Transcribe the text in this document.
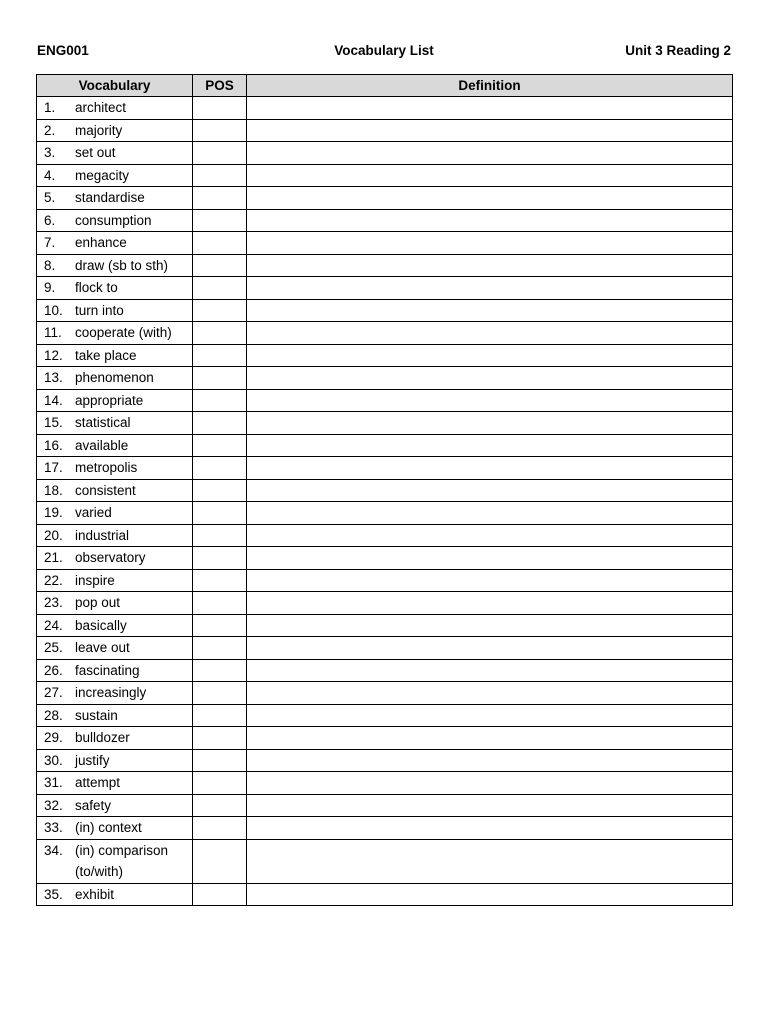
ENG001	Vocabulary List	Unit 3 Reading 2
Vocabulary	POS	Definition
1. architect		
2. majority		
3. set out		
4. megacity		
5. standardise		
6. consumption		
7. enhance		
8. draw (sb to sth)		
9. flock to		
10. turn into		
11. cooperate (with)		
12. take place		
13. phenomenon		
14. appropriate		
15. statistical		
16. available		
17. metropolis		
18. consistent		
19. varied		
20. industrial		
21. observatory		
22. inspire		
23. pop out		
24. basically		
25. leave out		
26. fascinating		
27. increasingly		
28. sustain		
29. bulldozer		
30. justify		
31. attempt		
32. safety		
33. (in) context		
34. (in) comparison (to/with)		
35. exhibit		
